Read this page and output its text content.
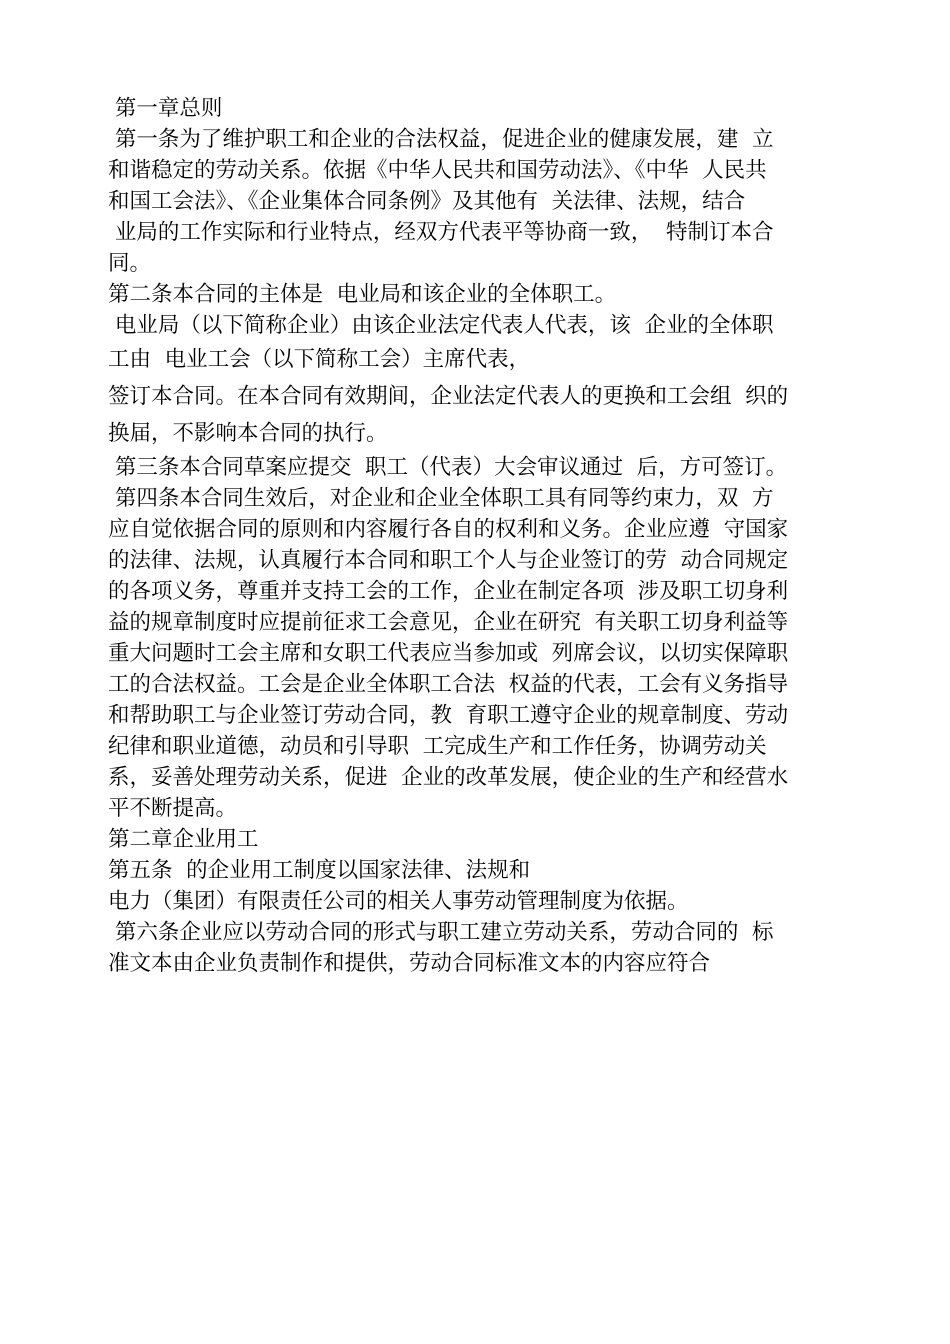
第一章总则
第一条为了维护职工和企业的合法权益，促进企业的健康发展，建  立
和谐稳定的劳动关系。依据《中华人民共和国劳动法》、《中华  人民共
和国工会法》、《企业集体合同条例》及其他有  关法律、法规，结合
业局的工作实际和行业特点，经双方代表平等协商一致，  特制订本合
同。
第二条本合同的主体是  电业局和该企业的全体职工。
电业局（以下简称企业）由该企业法定代表人代表，该  企业的全体职
工由  电业工会（以下简称工会）主席代表，
签订本合同。在本合同有效期间，企业法定代表人的更换和工会组  织的
换届，不影响本合同的执行。
第三条本合同草案应提交  职工（代表）大会审议通过  后，方可签订。
第四条本合同生效后，对企业和企业全体职工具有同等约束力，双  方
应自觉依据合同的原则和内容履行各自的权利和义务。企业应遵  守国家
的法律、法规，认真履行本合同和职工个人与企业签订的劳  动合同规定
的各项义务，尊重并支持工会的工作，企业在制定各项  涉及职工切身利
益的规章制度时应提前征求工会意见，企业在研究  有关职工切身利益等
重大问题时工会主席和女职工代表应当参加或  列席会议，以切实保障职
工的合法权益。工会是企业全体职工合法  权益的代表，工会有义务指导
和帮助职工与企业签订劳动合同，教  育职工遵守企业的规章制度、劳动
纪律和职业道德，动员和引导职  工完成生产和工作任务，协调劳动关
系，妥善处理劳动关系，促进  企业的改革发展，使企业的生产和经营水
平不断提高。
第二章企业用工
第五条  的企业用工制度以国家法律、法规和
电力（集团）有限责任公司的相关人事劳动管理制度为依据。
第六条企业应以劳动合同的形式与职工建立劳动关系，劳动合同的  标
准文本由企业负责制作和提供，劳动合同标准文本的内容应符合
